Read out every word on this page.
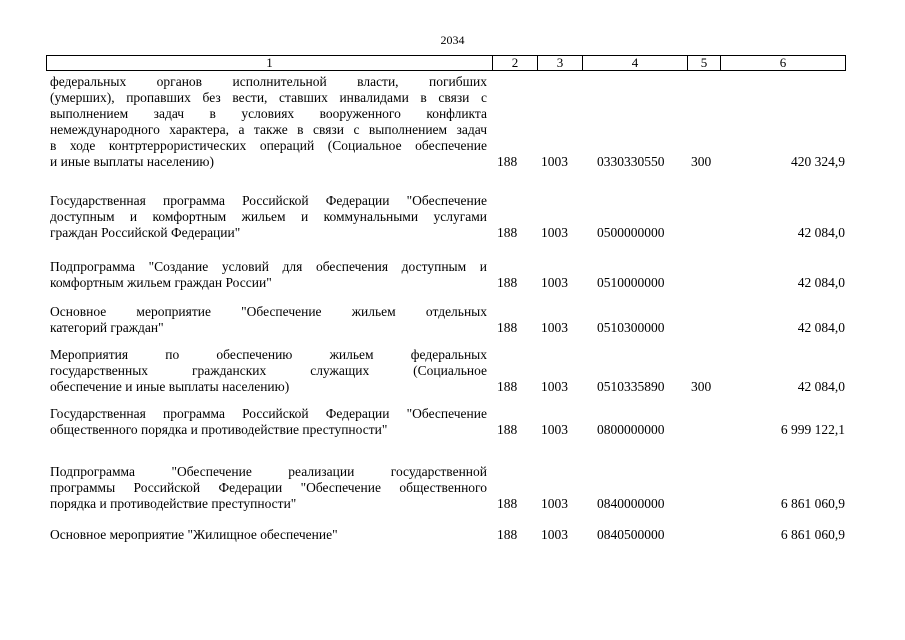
2034
1	2	3	4	5	6
федеральных органов исполнительной власти, погибших
(умерших), пропавших без вести, ставших инвалидами в связи с
выполнением задач в условиях вооруженного конфликта
немеждународного характера, а также в связи с выполнением задач
в ходе контртеррористических операций (Социальное обеспечение
и иные выплаты населению)	188 1003 0330330550 300	420 324,9
Государственная программа Российской Федерации "Обеспечение
доступным и комфортным жильем и коммунальными услугами
граждан Российской Федерации"	188 1003 0500000000	42 084,0
Подпрограмма "Создание условий для обеспечения доступным и
комфортным жильем граждан России"	188 1003 0510000000	42 084,0
Основное мероприятие "Обеспечение жильем отдельных
категорий граждан"	188 1003 0510300000	42 084,0
Мероприятия по обеспечению жильем федеральных
государственных гражданских служащих (Социальное
обеспечение и иные выплаты населению)	188 1003 0510335890 300	42 084,0
Государственная программа Российской Федерации "Обеспечение
общественного порядка и противодействие преступности"	188 1003 0800000000	6 999 122,1
Подпрограмма "Обеспечение реализации государственной
программы Российской Федерации "Обеспечение общественного
порядка и противодействие преступности"	188 1003 0840000000	6 861 060,9
Основное мероприятие "Жилищное обеспечение"	188 1003 0840500000	6 861 060,9
